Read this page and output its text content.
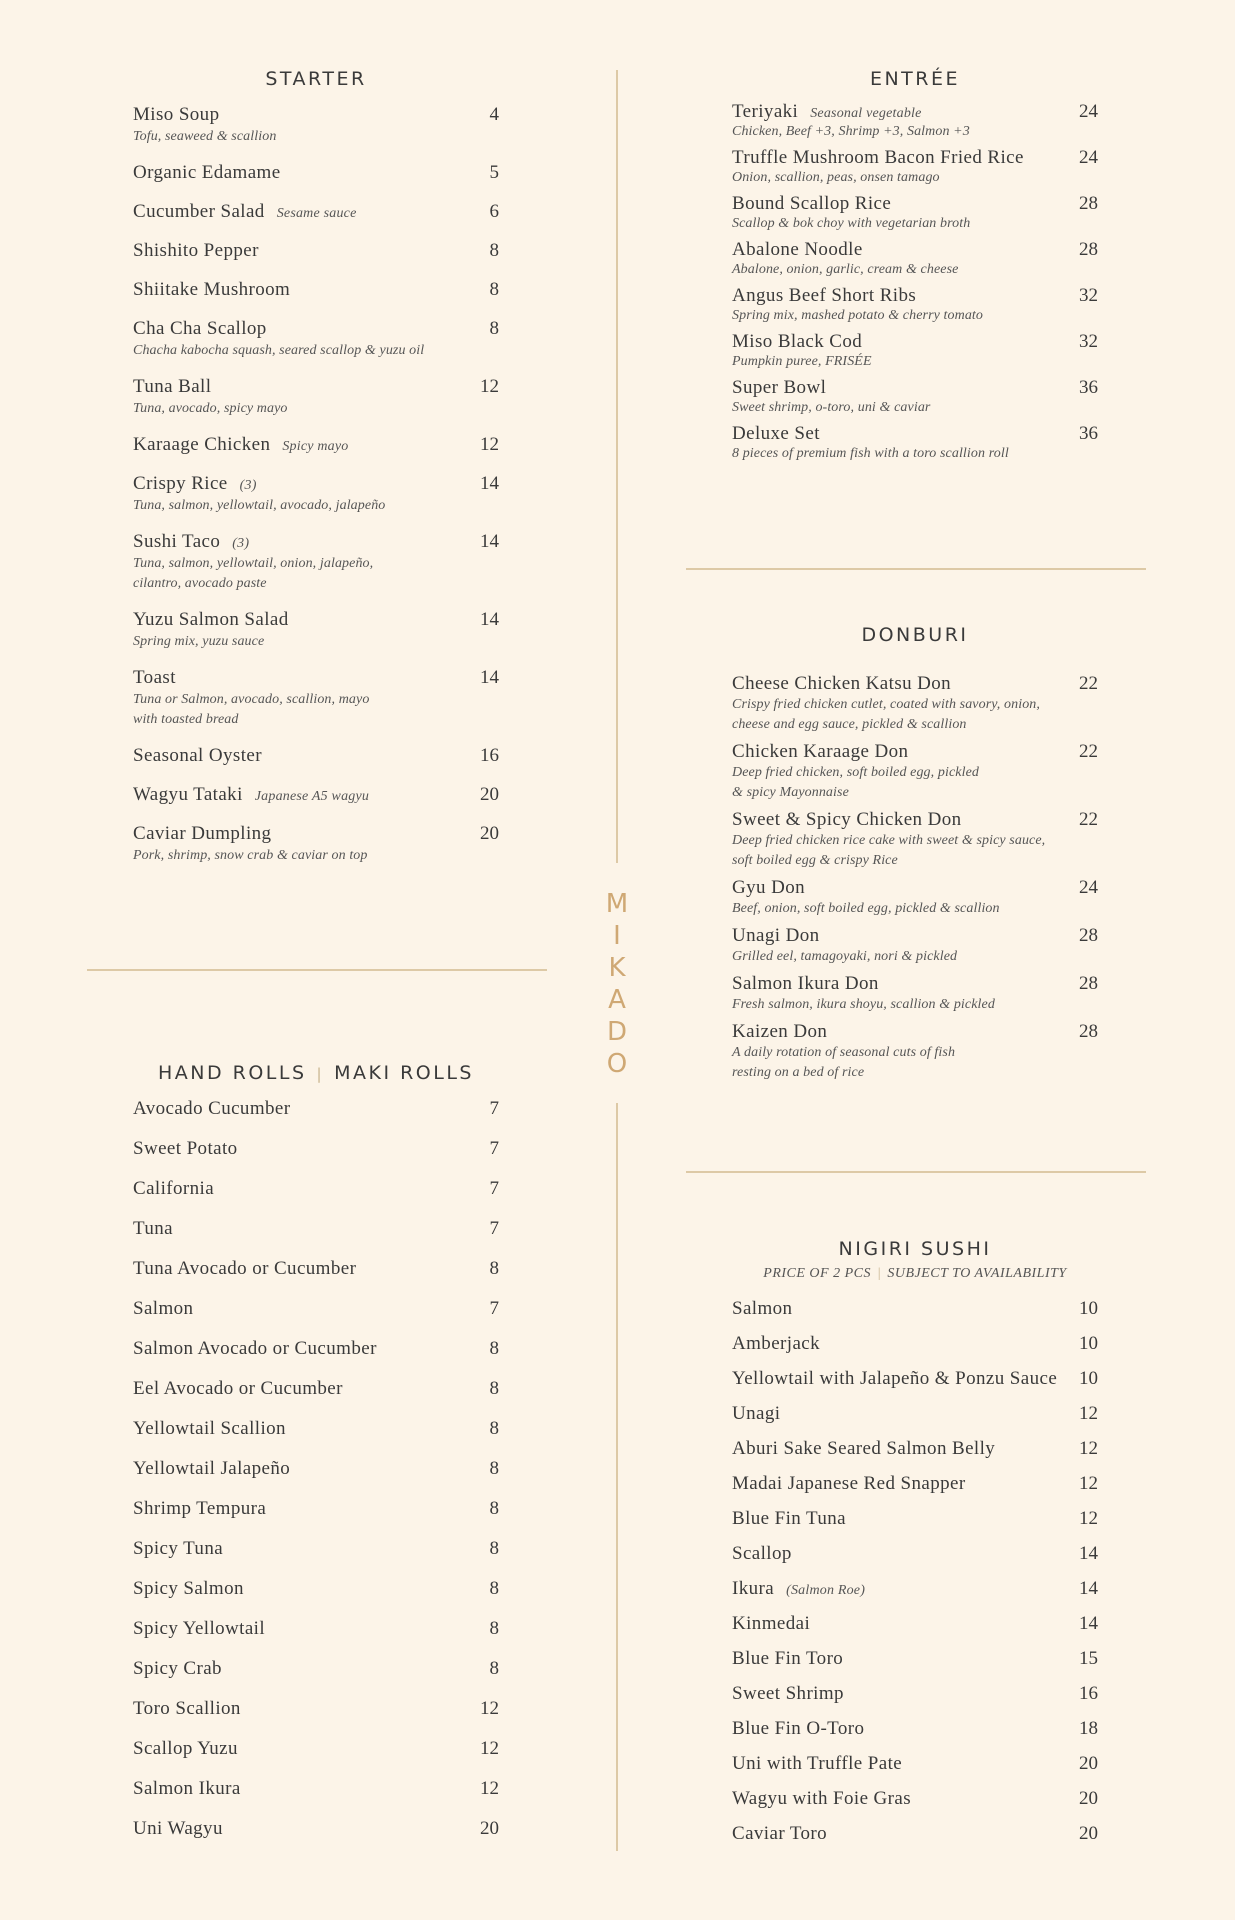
M
I
K
A
D
O
STARTER
Miso Soup	4
Tofu, seaweed & scallion
Organic Edamame	5
Cucumber Salad Sesame sauce	6
Shishito Pepper	8
Shiitake Mushroom	8
Cha Cha Scallop	8
Chacha kabocha squash, seared scallop & yuzu oil
Tuna Ball	12
Tuna, avocado, spicy mayo
Karaage Chicken Spicy mayo	12
Crispy Rice (3)	14
Tuna, salmon, yellowtail, avocado, jalapeño
Sushi Taco (3)	14
Tuna, salmon, yellowtail, onion, jalapeño,
cilantro, avocado paste
Yuzu Salmon Salad	14
Spring mix, yuzu sauce
Toast	14
Tuna or Salmon, avocado, scallion, mayo
with toasted bread
Seasonal Oyster	16
Wagyu Tataki Japanese A5 wagyu	20
Caviar Dumpling	20
Pork, shrimp, snow crab & caviar on top
HAND ROLLS | MAKI ROLLS
Avocado Cucumber	7
Sweet Potato	7
California	7
Tuna	7
Tuna Avocado or Cucumber	8
Salmon	7
Salmon Avocado or Cucumber	8
Eel Avocado or Cucumber	8
Yellowtail Scallion	8
Yellowtail Jalapeño	8
Shrimp Tempura	8
Spicy Tuna	8
Spicy Salmon	8
Spicy Yellowtail	8
Spicy Crab	8
Toro Scallion	12
Scallop Yuzu	12
Salmon Ikura	12
Uni Wagyu	20
ENTRÉE
Teriyaki Seasonal vegetable	24
Chicken, Beef +3, Shrimp +3, Salmon +3
Truffle Mushroom Bacon Fried Rice	24
Onion, scallion, peas, onsen tamago
Bound Scallop Rice	28
Scallop & bok choy with vegetarian broth
Abalone Noodle	28
Abalone, onion, garlic, cream & cheese
Angus Beef Short Ribs	32
Spring mix, mashed potato & cherry tomato
Miso Black Cod	32
Pumpkin puree, FRISÉE
Super Bowl	36
Sweet shrimp, o-toro, uni & caviar
Deluxe Set	36
8 pieces of premium fish with a toro scallion roll
DONBURI
Cheese Chicken Katsu Don	22
Crispy fried chicken cutlet, coated with savory, onion,
cheese and egg sauce, pickled & scallion
Chicken Karaage Don	22
Deep fried chicken, soft boiled egg, pickled
& spicy Mayonnaise
Sweet & Spicy Chicken Don	22
Deep fried chicken rice cake with sweet & spicy sauce,
soft boiled egg & crispy Rice
Gyu Don	24
Beef, onion, soft boiled egg, pickled & scallion
Unagi Don	28
Grilled eel, tamagoyaki, nori & pickled
Salmon Ikura Don	28
Fresh salmon, ikura shoyu, scallion & pickled
Kaizen Don	28
A daily rotation of seasonal cuts of fish
resting on a bed of rice
NIGIRI SUSHI
PRICE OF 2 PCS | SUBJECT TO AVAILABILITY
Salmon	10
Amberjack	10
Yellowtail with Jalapeño & Ponzu Sauce 10
Unagi	12
Aburi Sake Seared Salmon Belly	12
Madai Japanese Red Snapper	12
Blue Fin Tuna	12
Scallop	14
Ikura (Salmon Roe)	14
Kinmedai	14
Blue Fin Toro	15
Sweet Shrimp	16
Blue Fin O-Toro	18
Uni with Truffle Pate	20
Wagyu with Foie Gras	20
Caviar Toro	20
